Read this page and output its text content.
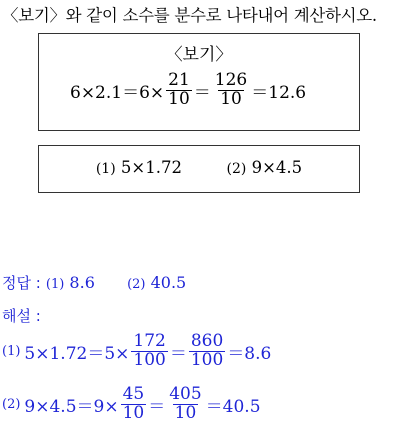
〈보기〉와 같이 소수를 분수로 나타내어 계산하시오.
〈보기〉
$6\times 2.1=6\times \frac{21}{10} = \frac{126}{10} =12.6$
(1) 5×1.72	(2) 9×4.5
정답 : (1) 8.6 (2) 40.5
해설 :
(1) $5\times 1.72=5\times \frac{172}{100} = \frac{860}{100} =8.6$
(2) $9\times 4.5=9\times \frac{45}{10} = \frac{405}{10} =40.5$
